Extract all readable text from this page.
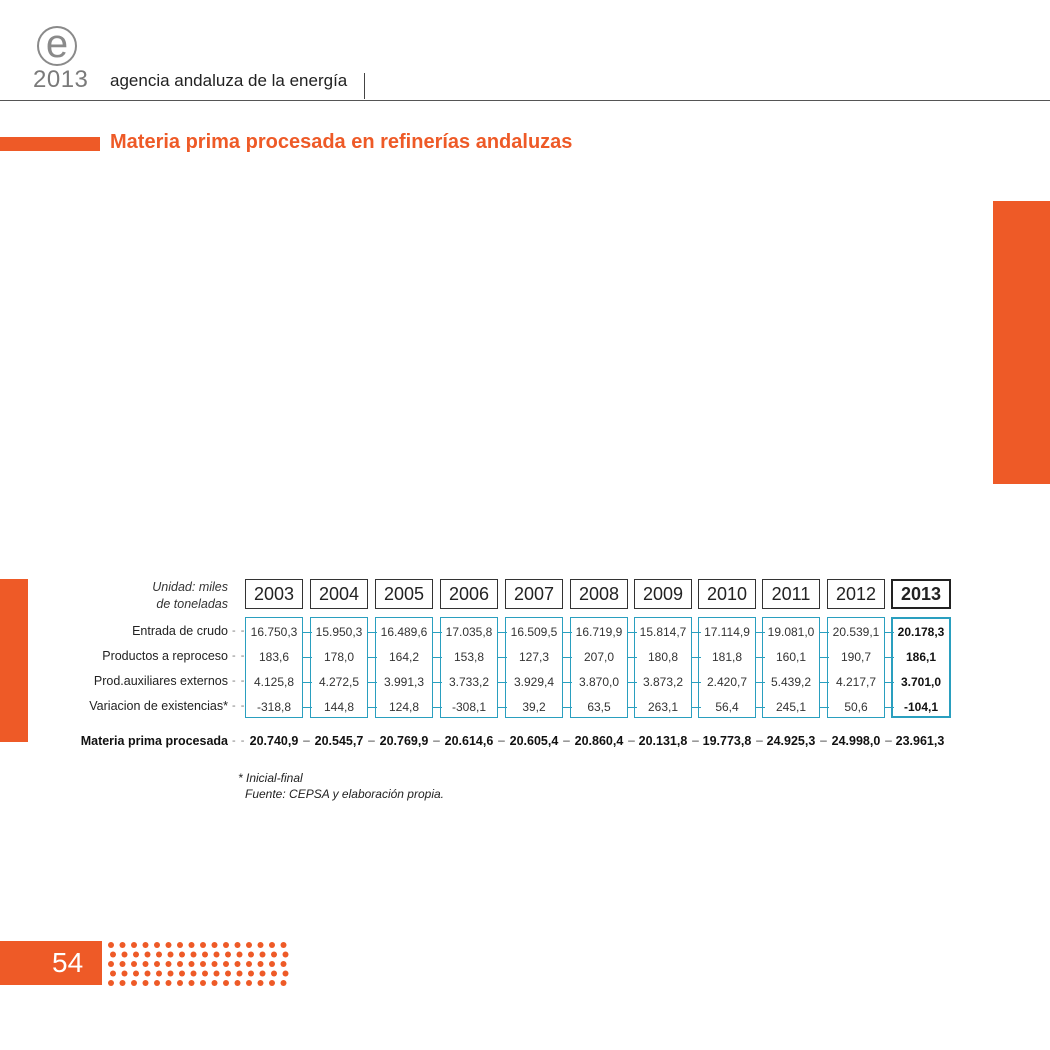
e
2013 agencia andaluza de la energía
Materia prima procesada en refinerías andaluzas
Unidad: miles
de toneladas
2003	2004	2005	2006	2007	2008	2009	2010	2011	2012	2013
Entrada de crudo - - 16.750,3	15.950,3	16.489,6	17.035,8	16.509,5	16.719,9	15.814,7	17.114,9	19.081,0	20.539,1	20.178,3
Productos a reproceso - -	183,6	178,0	164,2	153,8	127,3	207,0	180,8	181,8	160,1	190,7	186,1
Prod.auxiliares externos - - 4.125,8	4.272,5	3.991,3	3.733,2	3.929,4	3.870,0	3.873,2	2.420,7	5.439,2	4.217,7	3.701,0
Variacion de existencias* - - -318,8	144,8	124,8	-308,1	39,2	63,5	263,1	56,4	245,1	50,6	-104,1
Materia prima procesada - - 20.740,9 – 20.545,7 – 20.769,9 – 20.614,6 – 20.605,4 – 20.860,4 – 20.131,8 – 19.773,8 – 24.925,3 – 24.998,0 – 23.961,3
* Inicial-final
Fuente: CEPSA y elaboración propia.
54
